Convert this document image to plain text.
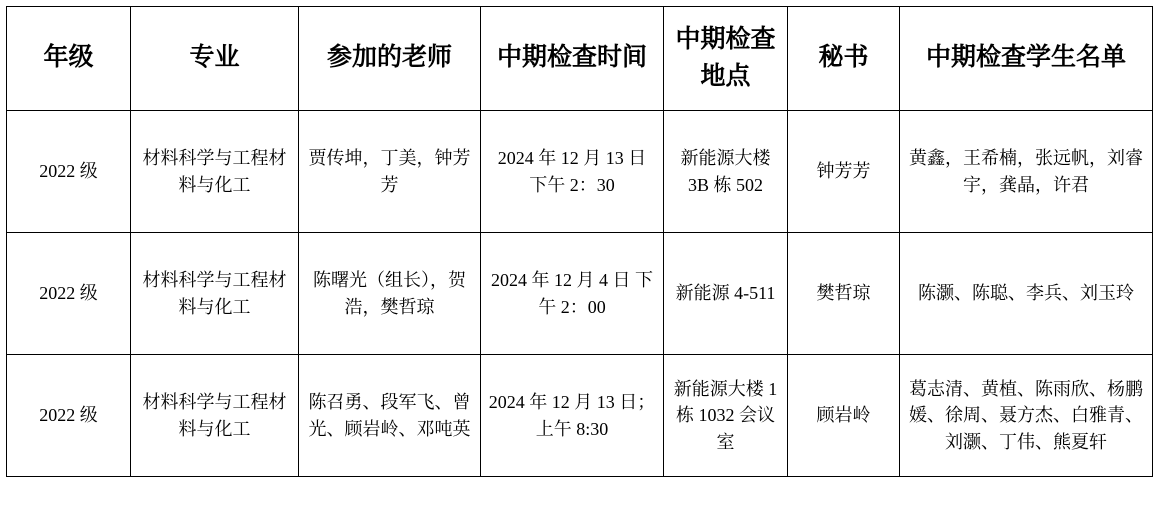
年级	专业	参加的老师	中期检查时间	中期检查地点	秘书	中期检查学生名单
2022 级	材料科学与工程材料与化工	贾传坤，丁美，钟芳芳	2024 年 12 月 13 日 下午 2：30	新能源大楼 3B 栋 502	钟芳芳	黄鑫，王希楠，张远帆，刘睿宇，龚晶，许君
2022 级	材料科学与工程材料与化工	陈曙光（组长），贺浩，樊哲琼	2024 年 12 月 4 日 下午 2：00	新能源 4-511	樊哲琼	陈灏、陈聪、李兵、刘玉玲
2022 级	材料科学与工程材料与化工	陈召勇、段军飞、曾光、顾岩岭、邓吨英	2024 年 12 月 13 日；上午 8:30	新能源大楼 1 栋 1032 会议室	顾岩岭	葛志清、黄植、陈雨欣、杨鹏媛、徐周、聂方杰、白雅青、刘灏、丁伟、熊夏轩
